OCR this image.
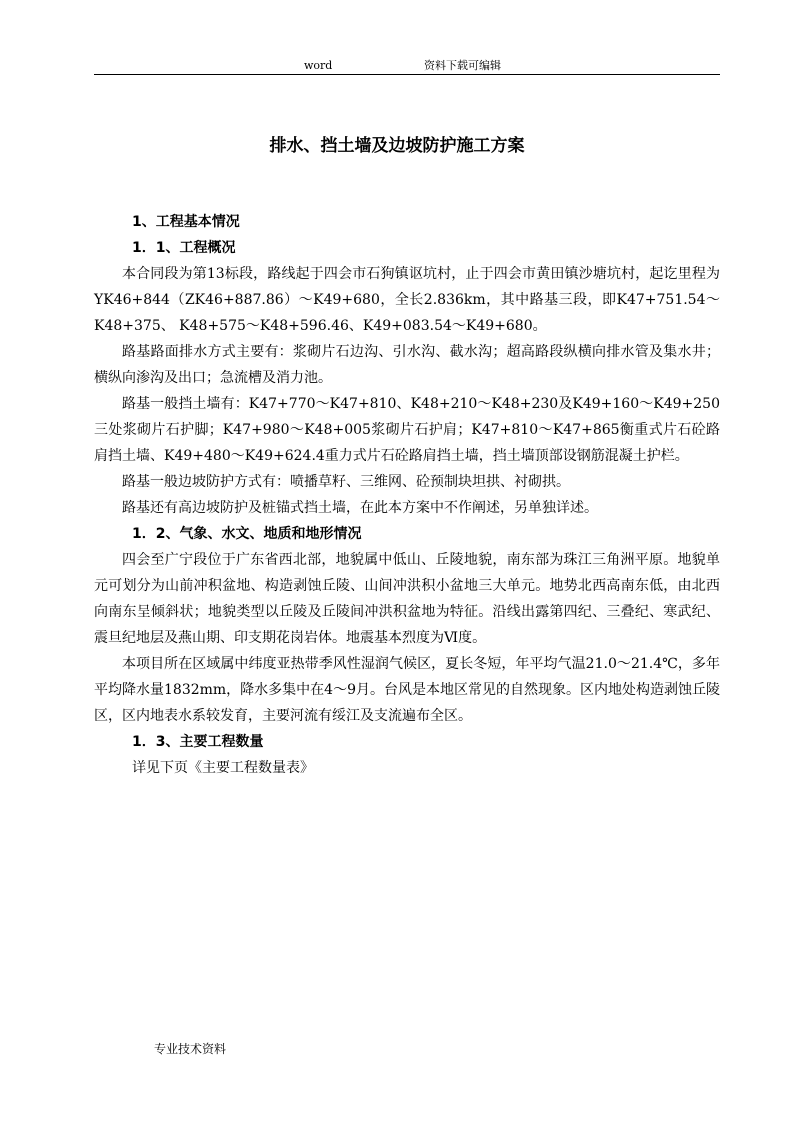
word	资料下载可编辑
排水、挡土墙及边坡防护施工方案
1、工程基本情况
1．1、工程概况

本合同段为第13标段，路线起于四会市石狗镇讴坑村，止于四会市黄田镇沙塘坑村，起讫里程为YK46+844（ZK46+887.86）～K49+680，全长2.836km，其中路基三段，即K47+751.54～K48+375、 K48+575～K48+596.46、K49+083.54～K49+680。

路基路面排水方式主要有：浆砌片石边沟、引水沟、截水沟；超高路段纵横向排水管及集水井；横纵向渗沟及出口；急流槽及消力池。

路基一般挡土墙有：K47+770～K47+810、K48+210～K48+230及K49+160～K49+250三处浆砌片石护脚；K47+980～K48+005浆砌片石护肩；K47+810～K47+865衡重式片石砼路肩挡土墙、K49+480～K49+624.4重力式片石砼路肩挡土墙，挡土墙顶部设钢筋混凝土护栏。

路基一般边坡防护方式有：喷播草籽、三维网、砼预制块坦拱、衬砌拱。

路基还有高边坡防护及桩锚式挡土墙，在此本方案中不作阐述，另单独详述。

1．2、气象、水文、地质和地形情况

四会至广宁段位于广东省西北部，地貌属中低山、丘陵地貌，南东部为珠江三角洲平原。地貌单元可划分为山前冲积盆地、构造剥蚀丘陵、山间冲洪积小盆地三大单元。地势北西高南东低，由北西向南东呈倾斜状；地貌类型以丘陵及丘陵间冲洪积盆地为特征。沿线出露第四纪、三叠纪、寒武纪、震旦纪地层及燕山期、印支期花岗岩体。地震基本烈度为Ⅵ度。

本项目所在区域属中纬度亚热带季风性湿润气候区，夏长冬短，年平均气温21.0～21.4℃，多年平均降水量1832mm，降水多集中在4～9月。台风是本地区常见的自然现象。区内地处构造剥蚀丘陵区，区内地表水系较发育，主要河流有绥江及支流遍布全区。

1．3、主要工程数量

详见下页《主要工程数量表》

专业技术资料
